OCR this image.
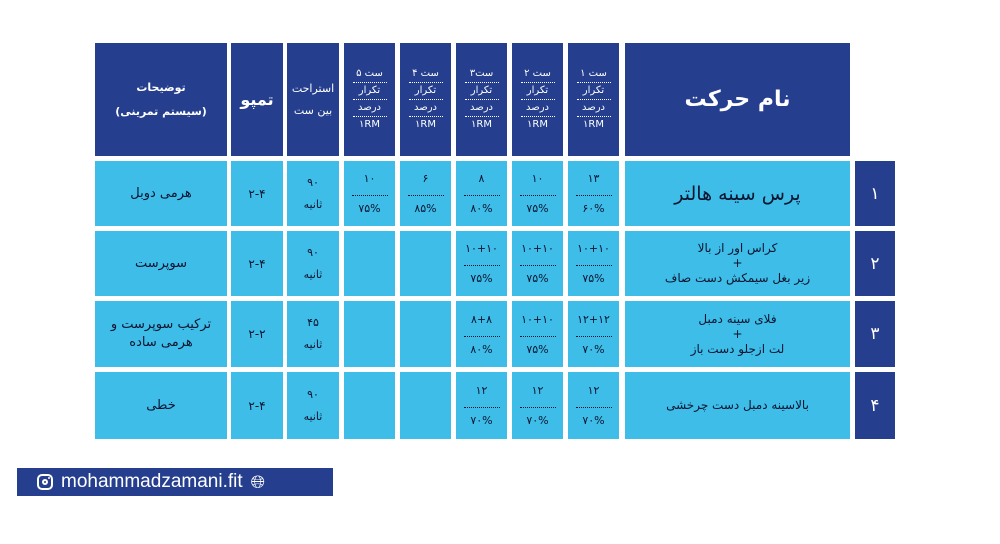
نام حرکت
ست ۱
تکرار
درصد
۱RM
ست ۲
تکرار
درصد
۱RM
ست۳
تکرار
درصد
۱RM
ست ۴
تکرار
درصد
۱RM
ست ۵
تکرار
درصد
۱RM
استراحت
بین ست
تمپو
توضیحات
(سیستم تمرینی)
۱
پرس سینه هالتر
۱۳
۶۰%
۱۰
۷۵%
۸
۸۰%
۶
۸۵%
۱۰
۷۵%
۹۰
ثانیه
۲-۴
هرمی دوبل
۲
کراس اور از بالا
+
زیر بغل سیمکش دست صاف
۱۰+۱۰
۷۵%
۱۰+۱۰
۷۵%
۱۰+۱۰
۷۵%
۹۰
ثانیه
۲-۴
سوپرست
۳
فلای سینه دمبل
+
لت ازجلو دست باز
۱۲+۱۲
۷۰%
۱۰+۱۰
۷۵%
۸+۸
۸۰%
۴۵
ثانیه
۲-۲
ترکیب سوپرست و
هرمی ساده
۴
بالاسینه دمبل دست چرخشی
۱۲
۷۰%
۱۲
۷۰%
۱۲
۷۰%
۹۰
ثانیه
۲-۴
خطی
mohammadzamani.fit 🌐︎
